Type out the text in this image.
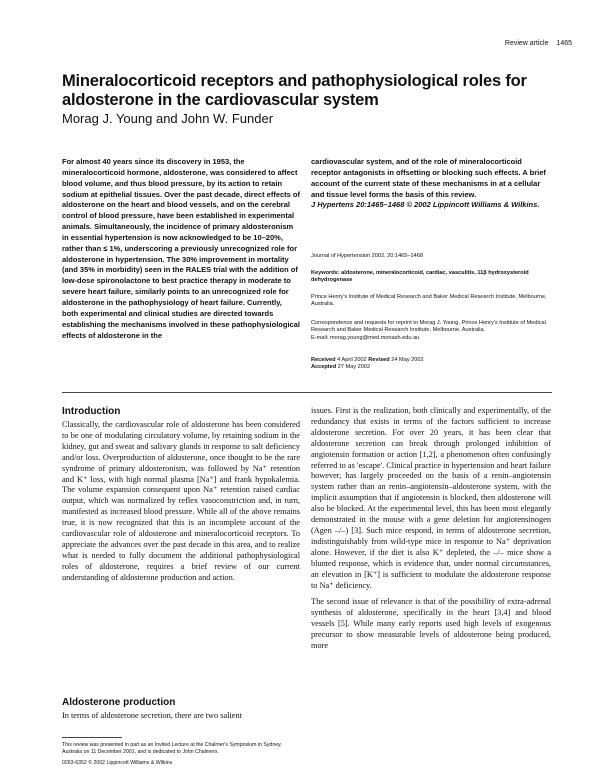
Review article 1465
Mineralocorticoid receptors and pathophysiological roles for aldosterone in the cardiovascular system
Morag J. Young and John W. Funder
For almost 40 years since its discovery in 1953, the mineralocorticoid hormone, aldosterone, was considered to affect blood volume, and thus blood pressure, by its action to retain sodium at epithelial tissues. Over the past decade, direct effects of aldosterone on the heart and blood vessels, and on the cerebral control of blood pressure, have been established in experimental animals. Simultaneously, the incidence of primary aldosteronism in essential hypertension is now acknowledged to be 10–20%, rather than ≤ 1%, underscoring a previously unrecognized role for aldosterone in hypertension. The 30% improvement in mortality (and 35% in morbidity) seen in the RALES trial with the addition of low-dose spironolactone to best practice therapy in moderate to severe heart failure, similarly points to an unrecognized role for aldosterone in the pathophysiology of heart failure. Currently, both experimental and clinical studies are directed towards establishing the mechanisms involved in these pathophysiological effects of aldosterone in the
cardiovascular system, and of the role of mineralocorticoid receptor antagonists in offsetting or blocking such effects. A brief account of the current state of these mechanisms in at a cellular and tissue level forms the basis of this review.
J Hypertens 20:1465–1468 © 2002 Lippincott Williams & Wilkins.
Journal of Hypertension 2002, 20:1465–1468
Keywords: aldosterone, mineralocorticoid, cardiac, vasculitis, 11β hydroxysteroid dehydrogenase
Prince Henry's Institute of Medical Research and Baker Medical Research Institute, Melbourne, Australia.

Correspondence and requests for reprint to Morag J. Young, Prince Henry's Institute of Medical Research and Baker Medical Research Institute, Melbourne, Australia.

E-mail: morag.young@med.monash.edu.au

Received 4 April 2002 Revised 24 May 2002

Accepted 27 May 2002

Introduction

Classically, the cardiovascular role of aldosterone has been considered to be one of modulating circulatory volume, by retaining sodium in the kidney, gut and sweat and salivary glands in response to salt deficiency and/or loss. Overproduction of aldosterone, once thought to be the rare syndrome of primary aldosteronism, was followed by Na⁺ retention and K⁺ loss, with high normal plasma [Na⁺] and frank hypokalemia. The volume expansion consequent upon Na⁺ retention raised cardiac output, which was normalized by reflex vasoconstriction and, in turn, manifested as increased blood pressure. While all of the above remains true, it is now recognized that this is an incomplete account of the cardiovascular role of aldosterone and mineralocorticoid receptors. To appreciate the advances over the past decade in this area, and to realize what is needed to fully document the additional pathophysiological roles of aldosterone, requires a brief review of our current understanding of aldosterone production and action.

Aldosterone production
In terms of aldosterone secretion, there are two salient

issues. First is the realization, both clinically and experimentally, of the redundancy that exists in terms of the factors sufficient to increase aldosterone secretion. For over 20 years, it has been clear that aldosterone secretion can break through prolonged inhibition of angiotensin formation or action [1,2], a phenomenon often confusingly referred to as 'escape'. Clinical practice in hypertension and heart failure however, has largely proceeded on the basis of a renin–angiotensin system rather than an renin–angiotensin–aldosterone system, with the implicit assumption that if angiotensin is blocked, then aldosterone will also be blocked. At the experimental level, this has been most elegantly demonstrated in the mouse with a gene deletion for angiotensinogen (Agen –/–) [3]. Such mice respond, in terms of aldosterone secretion, indistinguishably from wild-type mice in response to Na⁺ deprivation alone. However, if the diet is also K⁺ depleted, the –/– mice show a blunted response, which is evidence that, under normal circumstances, an elevation in [K⁺] is sufficient to modulate the aldosterone response to Na⁺ deficiency.

The second issue of relevance is that of the possibility of extra-adrenal synthesis of aldosterone, specifically in the heart [3,4] and blood vessels [5]. While many early reports used high levels of exogenous precursor to show measurable levels of aldosterone being produced, more

This review was presented in part as an Invited Lecture at the Chalmer's Symposium in Sydney, Australia on 11 December 2001, and is dedicated to John Chalmers.
0263-6352 © 2002 Lippincott Williams & Wilkins
